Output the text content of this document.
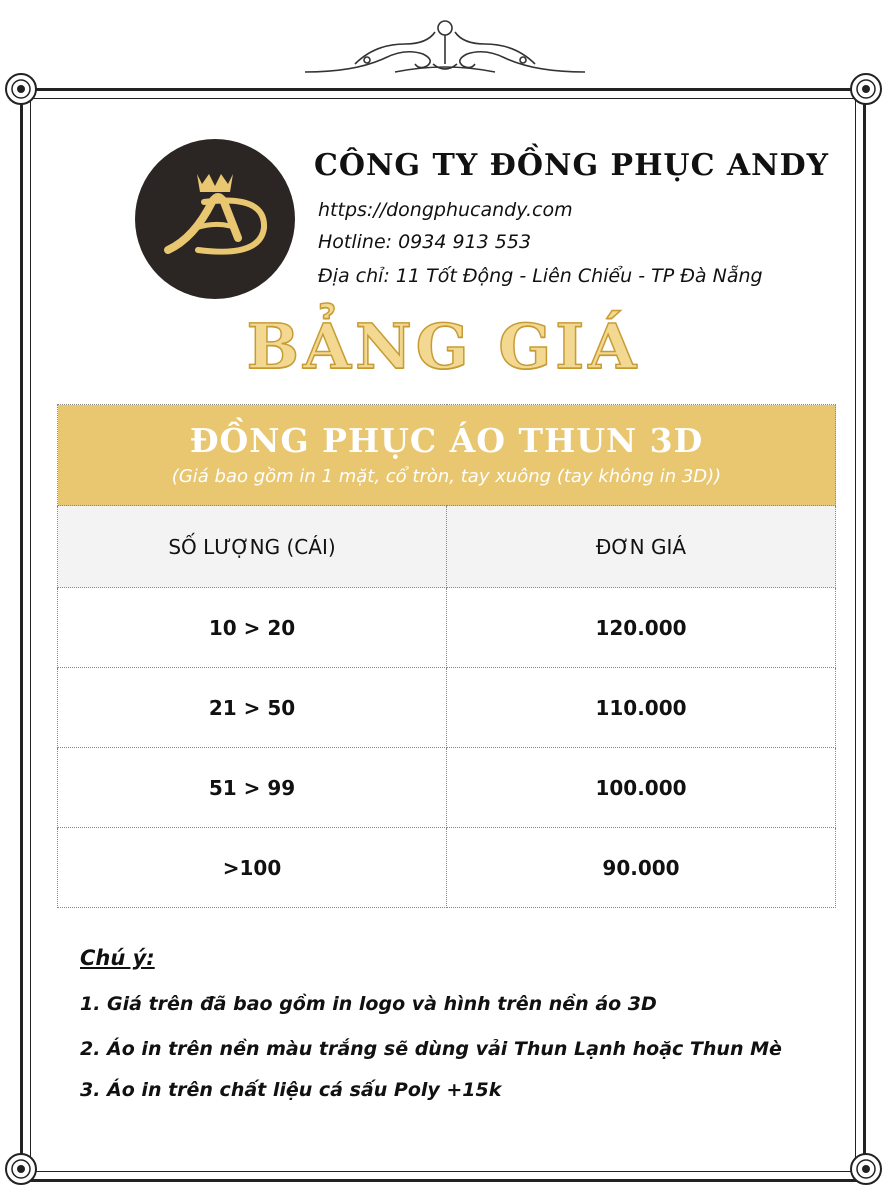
CÔNG TY ĐỒNG PHỤC ANDY
https://dongphucandy.com
Hotline: 0934 913 553
Địa chỉ: 11 Tốt Động - Liên Chiểu - TP Đà Nẵng
BẢNG GIÁ
ĐỒNG PHỤC ÁO THUN 3D
(Giá bao gồm in 1 mặt, cổ tròn, tay xuông (tay không in 3D))	

SỐ LƯỢNG (CÁI)	ĐƠN GIÁ
10 > 20	120.000
21 > 50	110.000
51 > 99	100.000
>100	90.000
Chú ý:
1. Giá trên đã bao gồm in logo và hình trên nền áo 3D
2. Áo in trên nền màu trắng sẽ dùng vải Thun Lạnh hoặc Thun Mè
3. Áo in trên chất liệu cá sấu Poly +15k
